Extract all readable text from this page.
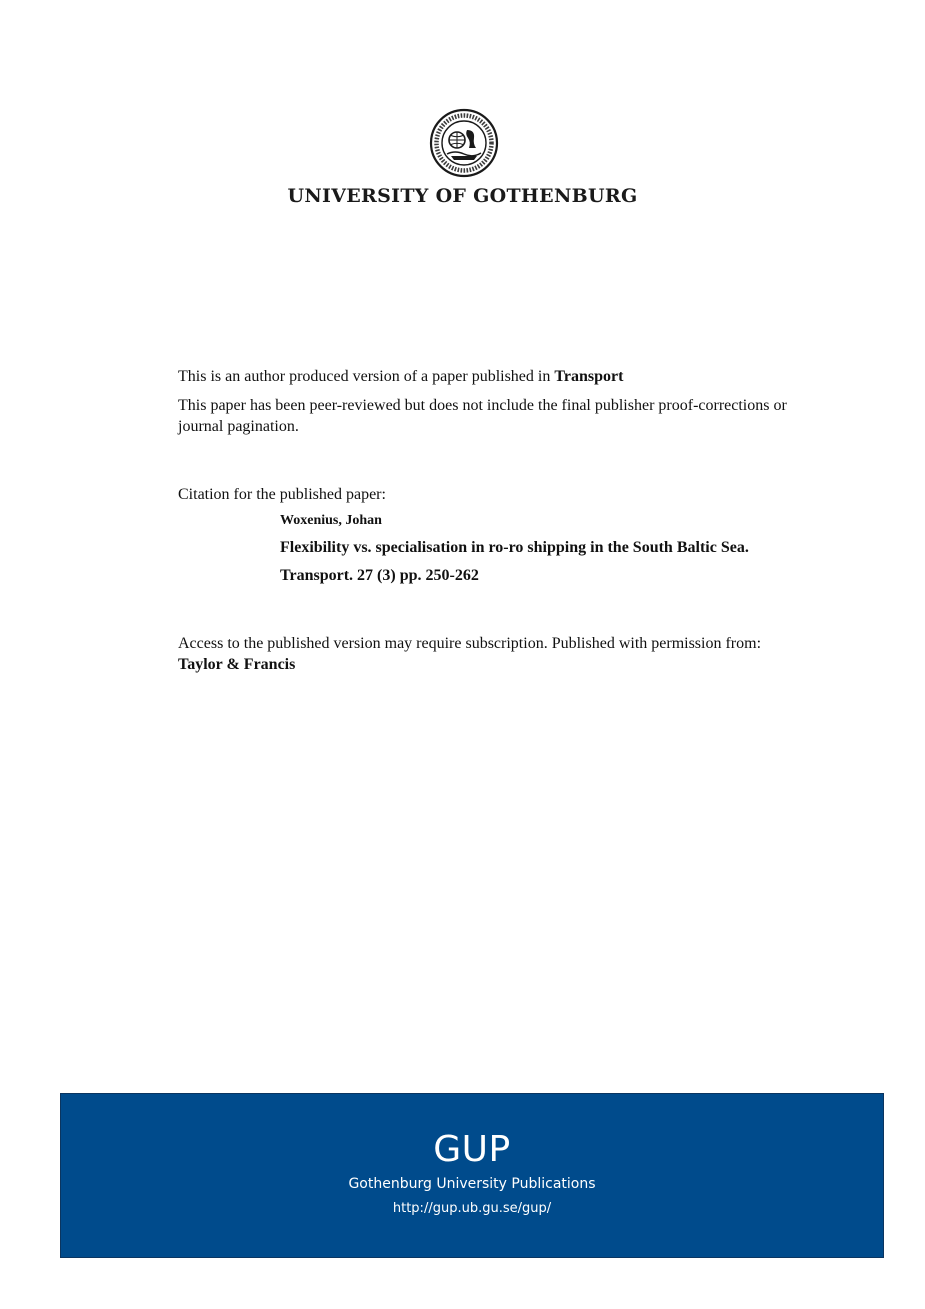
UNIVERSITY OF GOTHENBURG

This is an author produced version of a paper published in Transport

This paper has been peer-reviewed but does not include the final publisher proof-corrections or journal pagination.

Citation for the published paper:

Woxenius, Johan
Flexibility vs. specialisation in ro-ro shipping in the South Baltic Sea.
Transport. 27 (3) pp. 250-262

Access to the published version may require subscription. Published with permission from: Taylor & Francis

GUP
Gothenburg University Publications
http://gup.ub.gu.se/gup/
